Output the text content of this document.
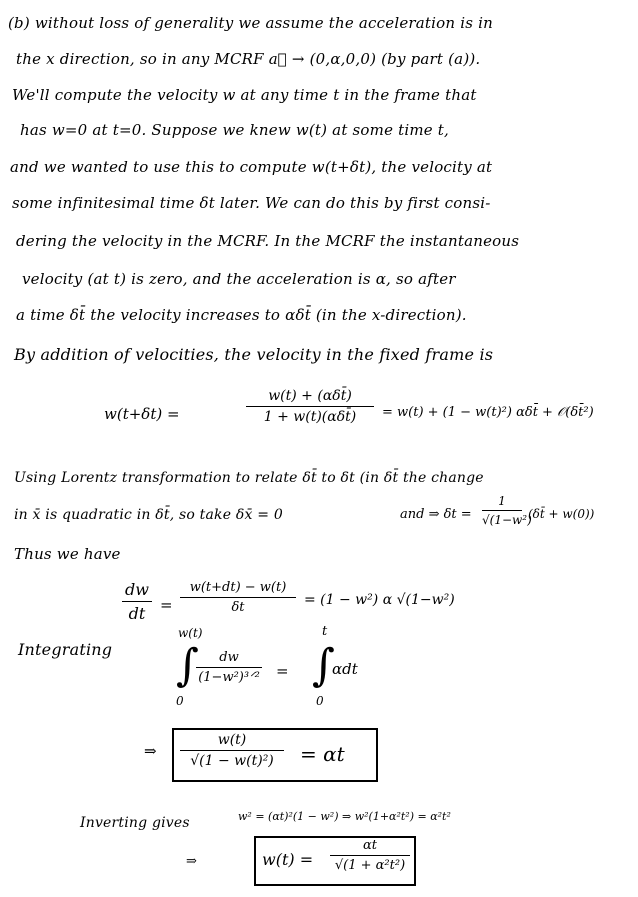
(b) without loss of generality we assume the acceleration is in
the x direction, so in any MCRF a⃗ → (0,α,0,0) (by part (a)).
We'll compute the velocity w at any time t in the frame that
has w=0 at t=0. Suppose we knew w(t) at some time t,
and we wanted to use this to compute w(t+δt), the velocity at
some infinitesimal time δt later. We can do this by first consi-
dering the velocity in the MCRF. In the MCRF the instantaneous
velocity (at t) is zero, and the acceleration is α, so after
a time δt̄ the velocity increases to αδt̄ (in the x-direction).
By addition of velocities, the velocity in the fixed frame is
w(t+δt) =
w(t) + (αδt̄)
1 + w(t)(αδt̄)	= w(t) + (1 − w(t)²) αδt̄ + 𝒪(δt̄²)
Using Lorentz transformation to relate δt̄ to δt (in δt̄ the change
in x̄ is quadratic in δt̄, so take δx̄ = 0	and ⇒ δt =
1
√(1−w²)
(δt̄ + w(0))
Thus we have
dw
dt =
w(t+dt) − w(t)
δt	= (1 − w²) α √(1−w²)
Integrating ∫
w(t)
0
dw
(1−w²)³ᐟ² = ∫
t
0
αdt
⇒
w(t)
√(1 − w(t)²)	= αt
Inverting gives	w² = (αt)²(1 − w²) ⇒ w²(1+α²t²) = α²t²
⇒	w(t) =
αt
√(1 + α²t²)
